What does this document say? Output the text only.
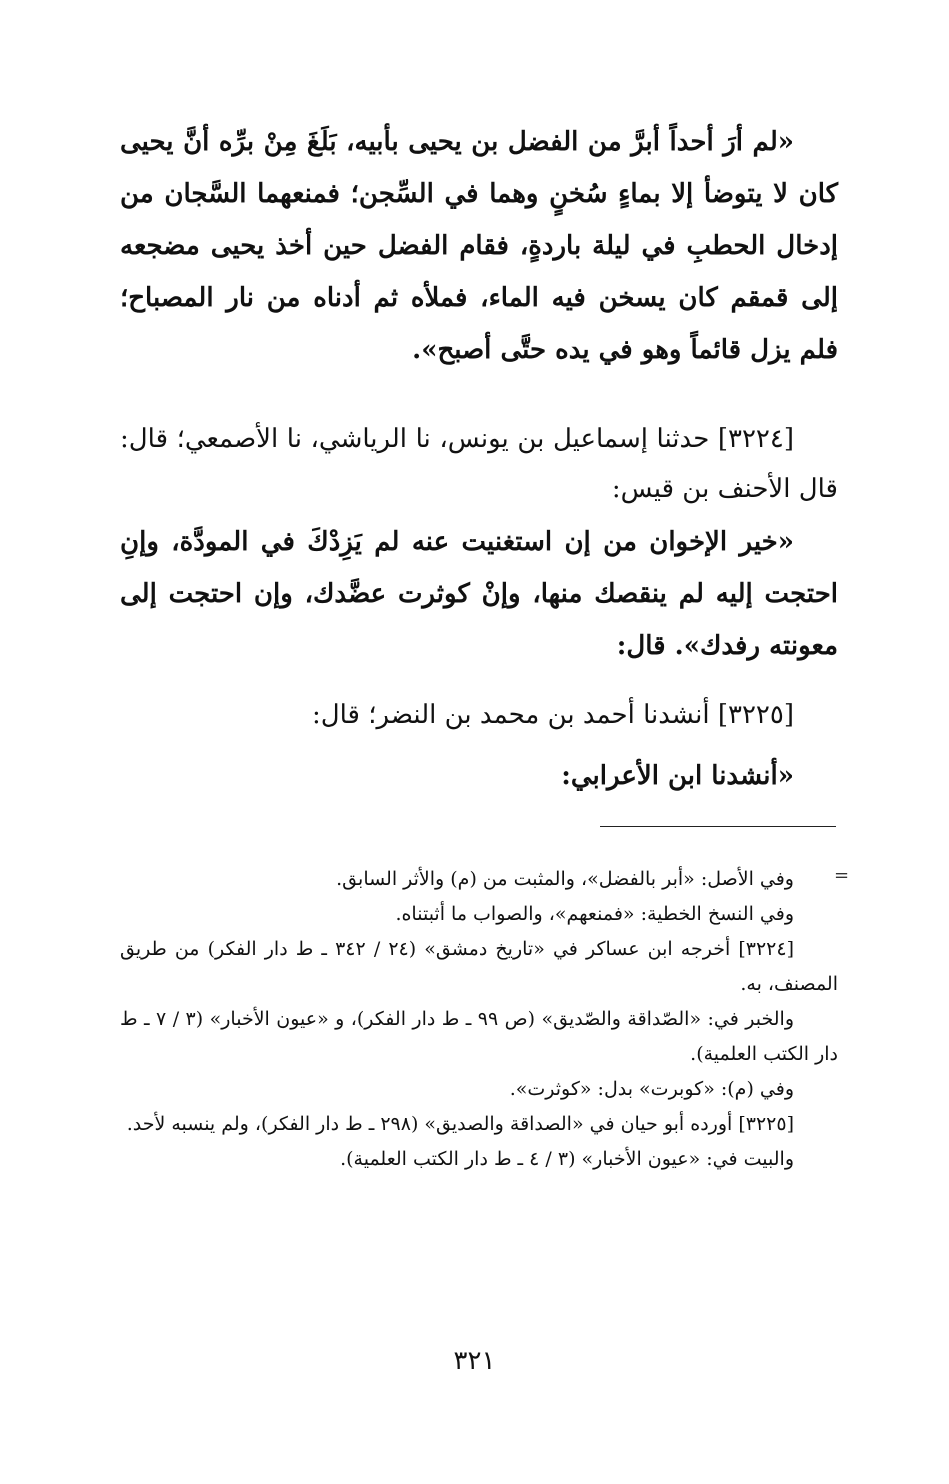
«لم أرَ أحداً أبرَّ من الفضل بن يحيى بأبيه، بَلَغَ مِنْ برِّه أنَّ يحيى كان لا يتوضأ إلا بماءٍ سُخنٍ وهما في السِّجن؛ فمنعهما السَّجان من إدخال الحطبِ في ليلة باردةٍ، فقام الفضل حين أخذ يحيى مضجعه إلى قمقم كان يسخن فيه الماء، فملأه ثم أدناه من نار المصباح؛ فلم يزل قائماً وهو في يده حتَّى أصبح».

[٣٢٢٤] حدثنا إسماعيل بن يونس، نا الرياشي، نا الأصمعي؛ قال: قال الأحنف بن قيس:

«خير الإخوان من إن استغنيت عنه لم يَزِدْكَ في المودَّة، وإنِ احتجت إليه لم ينقصك منها، وإنْ كوثرت عضَّدك، وإن احتجت إلى معونته رفدك». قال:

[٣٢٢٥] أنشدنا أحمد بن محمد بن النضر؛ قال:

«أنشدنا ابن الأعرابي:

=

وفي الأصل: «أبر بالفضل»، والمثبت من (م) والأثر السابق.

وفي النسخ الخطية: «فمنعهم»، والصواب ما أثبتناه.

[٣٢٢٤] أخرجه ابن عساكر في «تاريخ دمشق» (٢٤ / ٣٤٢ ـ ط دار الفكر) من طريق المصنف، به.

والخبر في: «الصّداقة والصّديق» (ص ٩٩ ـ ط دار الفكر)، و «عيون الأخبار» (٣ / ٧ ـ ط دار الكتب العلمية).

وفي (م): «كوبرت» بدل: «كوثرت».

[٣٢٢٥] أورده أبو حيان في «الصداقة والصديق» (٢٩٨ ـ ط دار الفكر)، ولم ينسبه لأحد.

والبيت في: «عيون الأخبار» (٣ / ٤ ـ ط دار الكتب العلمية).

٣٢١
